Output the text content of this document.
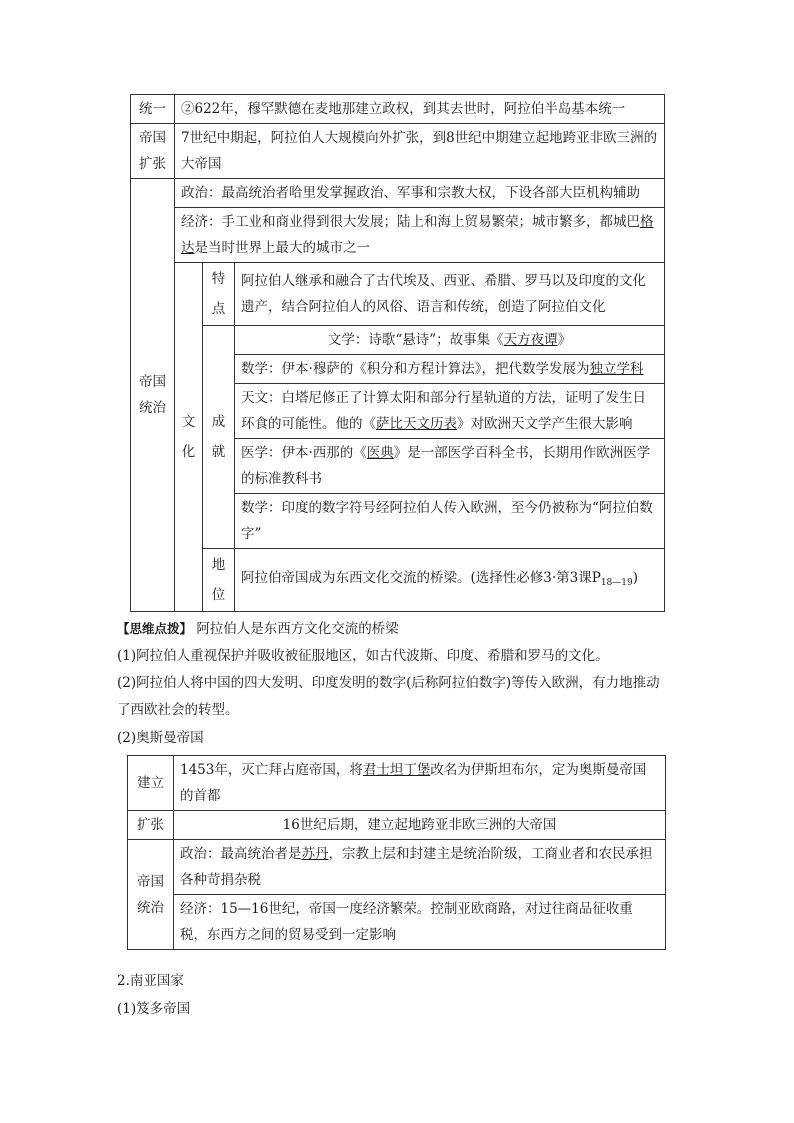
统一	②622年，穆罕默德在麦地那建立政权，到其去世时，阿拉伯半岛基本统一		
帝国扩张	7世纪中期起，阿拉伯人大规模向外扩张，到8世纪中期建立起地跨亚非欧三洲的大帝国		
帝国统治	政治：最高统治者哈里发掌握政治、军事和宗教大权，下设各部大臣机构辅助		
	经济：手工业和商业得到很大发展；陆上和海上贸易繁荣；城市繁多，都城巴格达是当时世界上最大的城市之一		
	文化	特点	阿拉伯人继承和融合了古代埃及、西亚、希腊、罗马以及印度的文化遗产，结合阿拉伯人的风俗、语言和传统，创造了阿拉伯文化
		成就	文学：诗歌“悬诗”；故事集《天方夜谭》
			数学：伊本·穆萨的《积分和方程计算法》，把代数学发展为独立学科
			天文：白塔尼修正了计算太阳和部分行星轨道的方法，证明了发生日环食的可能性。他的《萨比天文历表》对欧洲天文学产生很大影响
			医学：伊本·西那的《医典》是一部医学百科全书，长期用作欧洲医学的标准教科书
			数学：印度的数字符号经阿拉伯人传入欧洲，至今仍被称为“阿拉伯数字”
		地位	阿拉伯帝国成为东西文化交流的桥梁。(选择性必修3·第3课$P_{18—19}$)
【思维点拨】 阿拉伯人是东西方文化交流的桥梁
(1)阿拉伯人重视保护并吸收被征服地区，如古代波斯、印度、希腊和罗马的文化。
(2)阿拉伯人将中国的四大发明、印度发明的数字(后称阿拉伯数字)等传入欧洲，有力地推动
了西欧社会的转型。
(2)奥斯曼帝国
建立	1453年，灭亡拜占庭帝国，将君士坦丁堡改名为伊斯坦布尔，定为奥斯曼帝国的首都
扩张	16世纪后期，建立起地跨亚非欧三洲的大帝国
帝国统治	政治：最高统治者是苏丹，宗教上层和封建主是统治阶级，工商业者和农民承担各种苛捐杂税
	经济：15—16世纪，帝国一度经济繁荣。控制亚欧商路，对过往商品征收重税，东西方之间的贸易受到一定影响
2.南亚国家
(1)笈多帝国
